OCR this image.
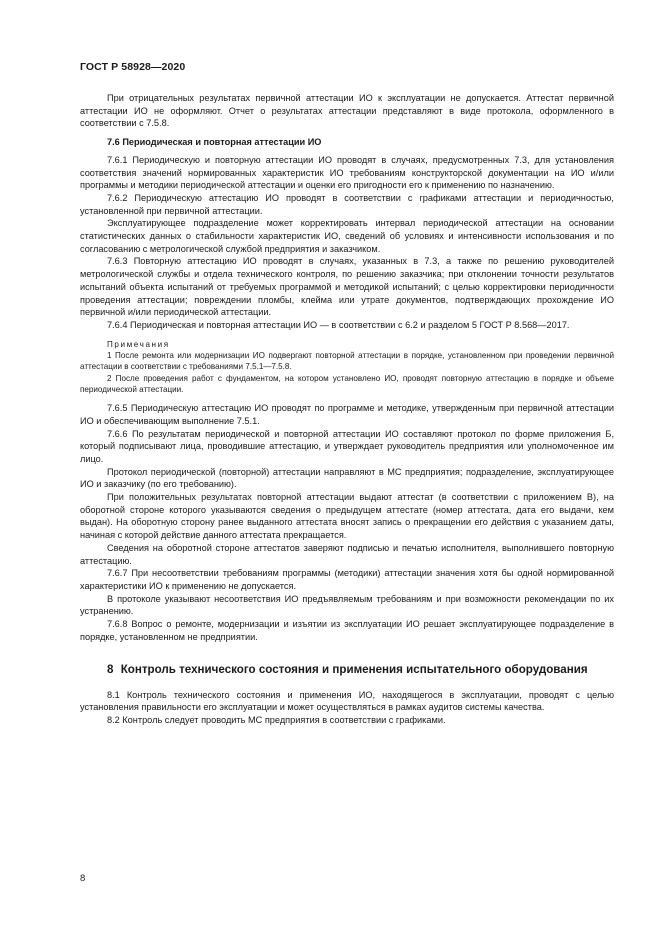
ГОСТ Р 58928—2020

При отрицательных результатах первичной аттестации ИО к эксплуатации не допускается. Аттестат первичной аттестации ИО не оформляют. Отчет о результатах аттестации представляют в виде протокола, оформленного в соответствии с 7.5.8.

7.6 Периодическая и повторная аттестации ИО

7.6.1 Периодическую и повторную аттестации ИО проводят в случаях, предусмотренных 7.3, для установления соответствия значений нормированных характеристик ИО требованиям конструкторской документации на ИО и/или программы и методики периодической аттестации и оценки его пригодности его к применению по назначению.

7.6.2 Периодическую аттестацию ИО проводят в соответствии с графиками аттестации и периодичностью, установленной при первичной аттестации.

Эксплуатирующее подразделение может корректировать интервал периодической аттестации на основании статистических данных о стабильности характеристик ИО, сведений об условиях и интенсивности использования и по согласованию с метрологической службой предприятия и заказчиком.

7.6.3 Повторную аттестацию ИО проводят в случаях, указанных в 7.3, а также по решению руководителей метрологической службы и отдела технического контроля, по решению заказчика; при отклонении точности результатов испытаний объекта испытаний от требуемых программой и методикой испытаний; с целью корректировки периодичности проведения аттестации; повреждении пломбы, клейма или утрате документов, подтверждающих прохождение ИО первичной и/или периодической аттестации.

7.6.4 Периодическая и повторная аттестации ИО — в соответствии с 6.2 и разделом 5 ГОСТ Р 8.568—2017.

Примечания

1 После ремонта или модернизации ИО подвергают повторной аттестации в порядке, установленном при проведении первичной аттестации в соответствии с требованиями 7.5.1—7.5.8.

2 После проведения работ с фундаментом, на котором установлено ИО, проводят повторную аттестацию в порядке и объеме периодической аттестации.

7.6.5 Периодическую аттестацию ИО проводят по программе и методике, утвержденным при первичной аттестации ИО и обеспечивающим выполнение 7.5.1.

7.6.6 По результатам периодической и повторной аттестации ИО составляют протокол по форме приложения Б, который подписывают лица, проводившие аттестацию, и утверждает руководитель предприятия или уполномоченное им лицо.

Протокол периодической (повторной) аттестации направляют в МС предприятия; подразделение, эксплуатирующее ИО и заказчику (по его требованию).

При положительных результатах повторной аттестации выдают аттестат (в соответствии с приложением В), на оборотной стороне которого указываются сведения о предыдущем аттестате (номер аттестата, дата его выдачи, кем выдан). На оборотную сторону ранее выданного аттестата вносят запись о прекращении его действия с указанием даты, начиная с которой действие данного аттестата прекращается.

Сведения на оборотной стороне аттестатов заверяют подписью и печатью исполнителя, выполнившего повторную аттестацию.

7.6.7 При несоответствии требованиям программы (методики) аттестации значения хотя бы одной нормированной характеристики ИО к применению не допускается.

В протоколе указывают несоответствия ИО предъявляемым требованиям и при возможности рекомендации по их устранению.

7.6.8 Вопрос о ремонте, модернизации и изъятии из эксплуатации ИО решает эксплуатирующее подразделение в порядке, установленном не предприятии.

8 Контроль технического состояния и применения испытательного оборудования

8.1 Контроль технического состояния и применения ИО, находящегося в эксплуатации, проводят с целью установления правильности его эксплуатации и может осуществляться в рамках аудитов системы качества.

8.2 Контроль следует проводить МС предприятия в соответствии с графиками.

8
